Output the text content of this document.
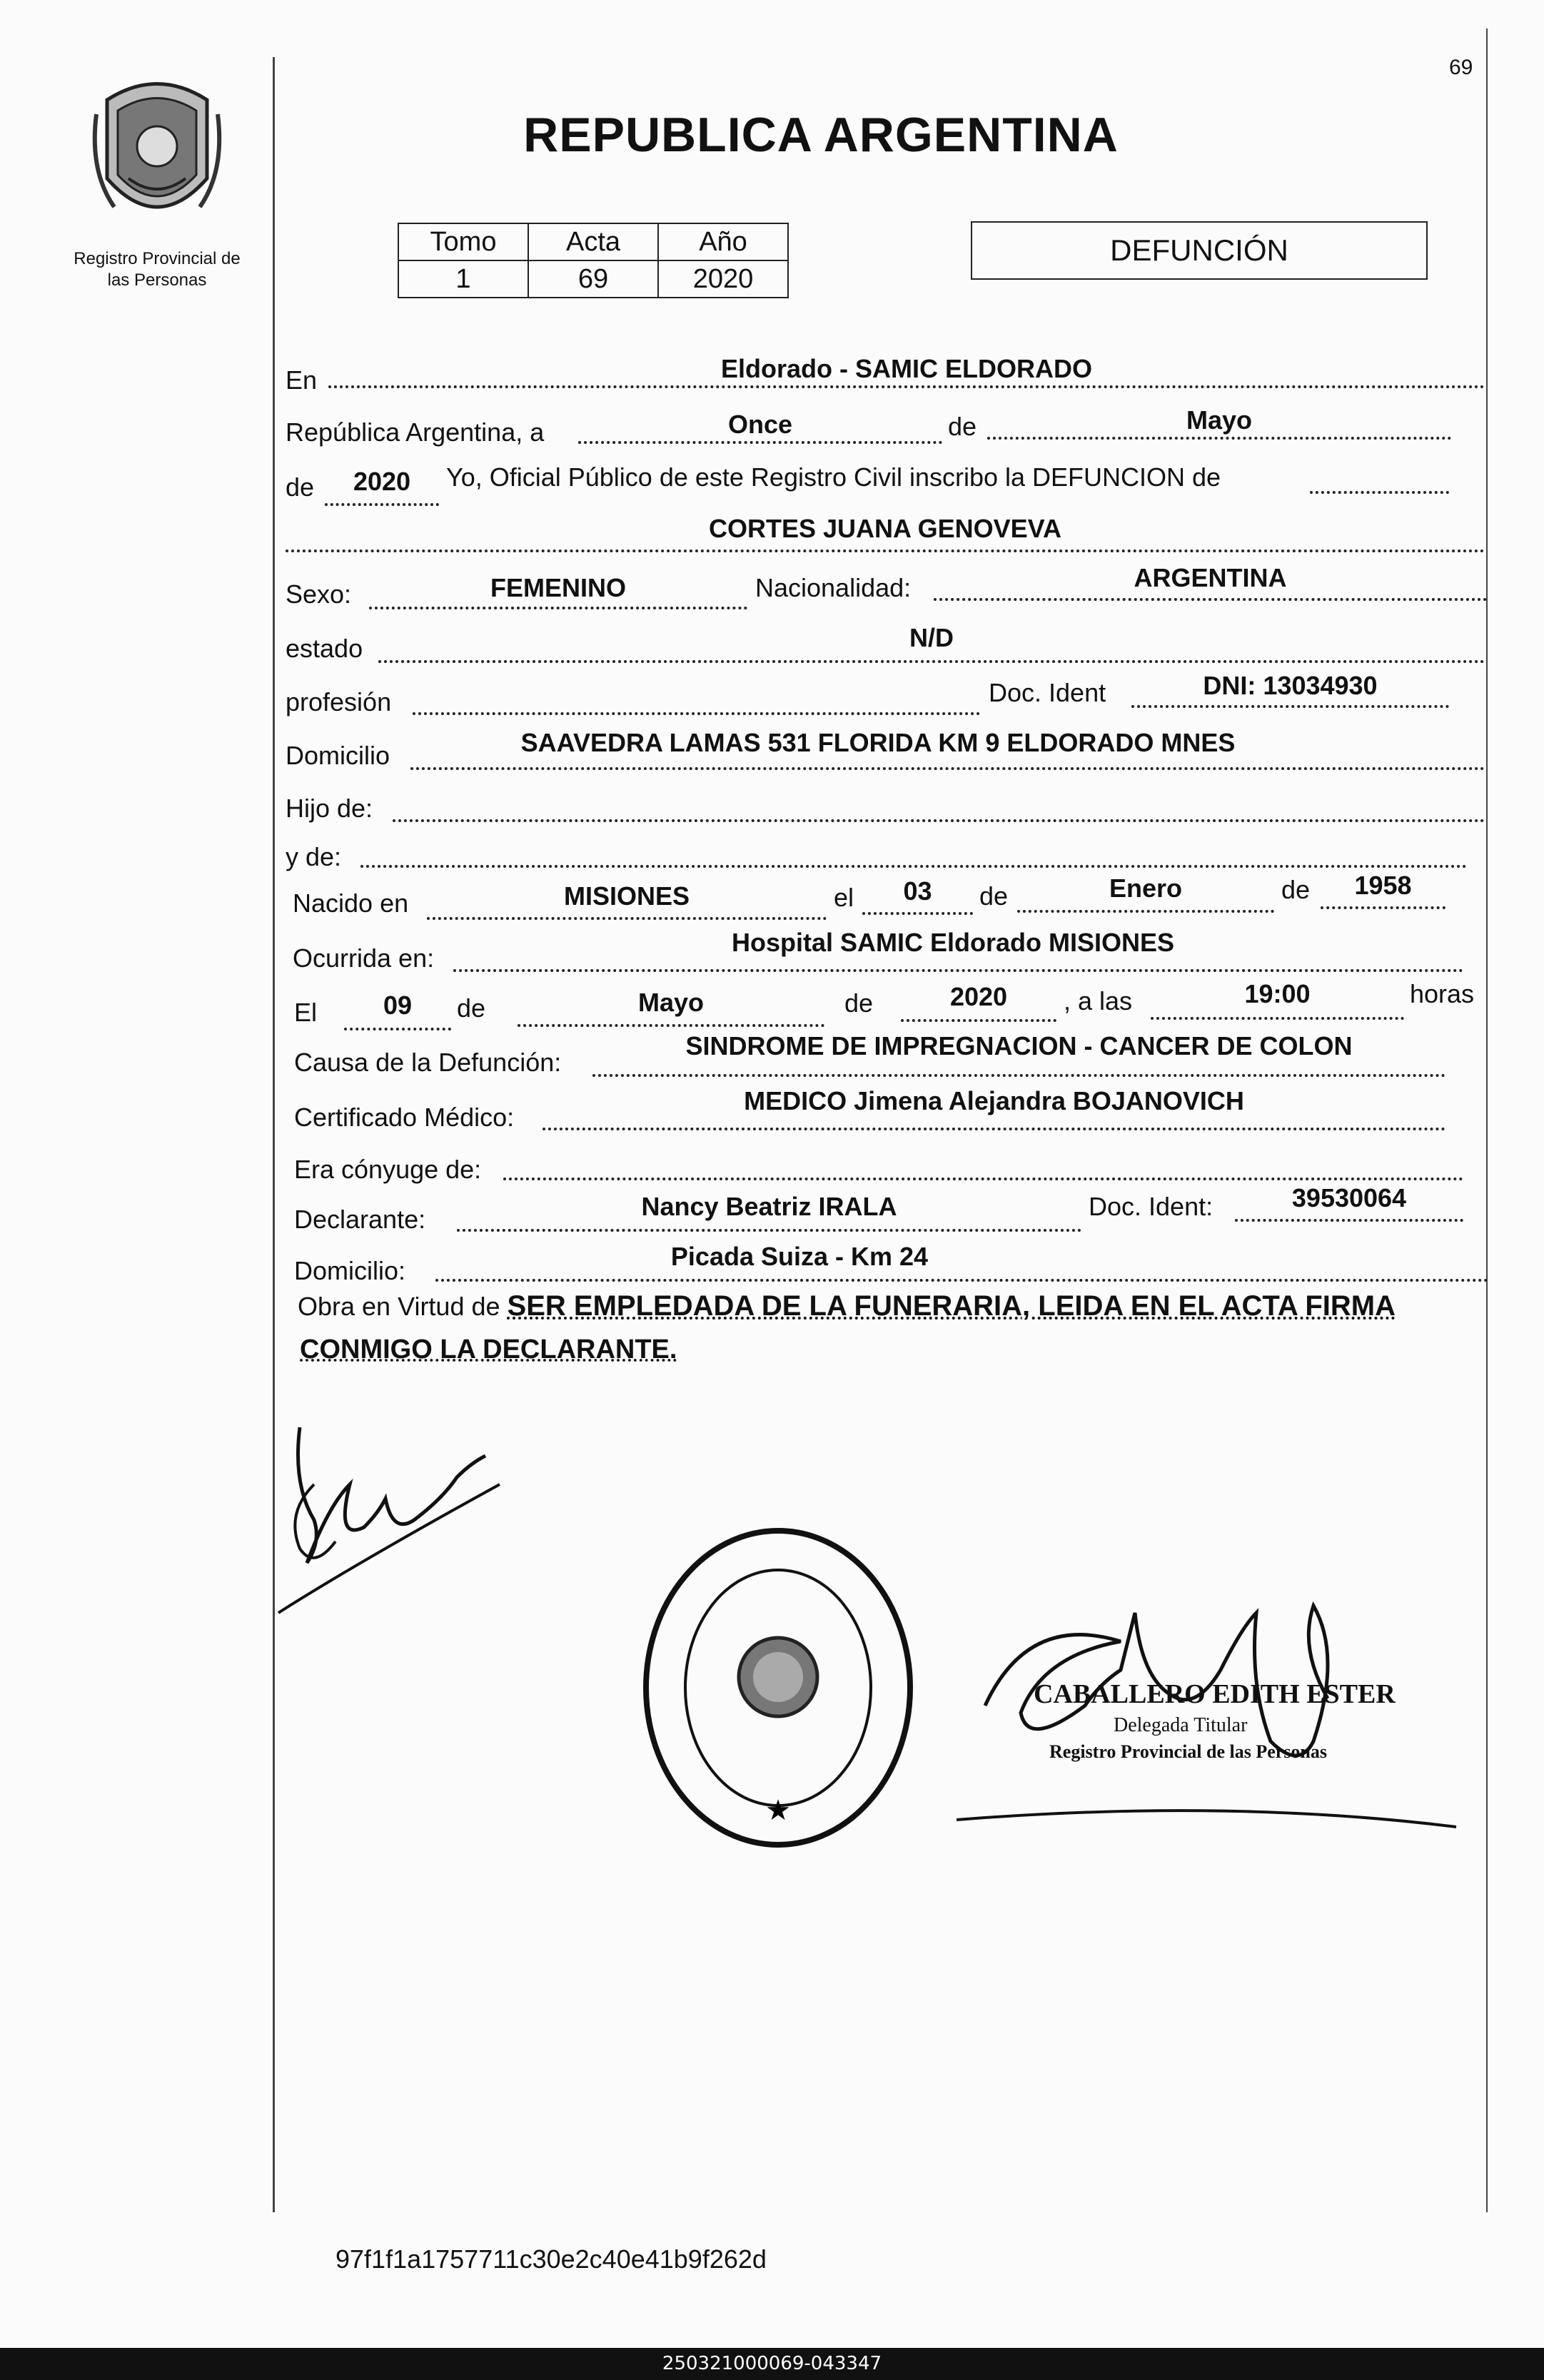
69
Registro Provincial de
las Personas
REPUBLICA ARGENTINA
Tomo	Acta	Año
1	69	2020
DEFUNCIÓN
En	Eldorado - SAMIC ELDORADO
República Argentina, a	Once	de	Mayo
de	2020	Yo, Oficial Público de este Registro Civil inscribo la DEFUNCION de
CORTES JUANA GENOVEVA
Sexo:	FEMENINO	Nacionalidad:	ARGENTINA
estado	N/D
profesión	Doc. Ident	DNI: 13034930
Domicilio	SAAVEDRA LAMAS 531 FLORIDA KM 9 ELDORADO MNES
Hijo de:
y de:
Nacido en	MISIONES	el	03	de	Enero	de	1958
Ocurrida en:
Hospital SAMIC Eldorado MISIONES
El	09	de	Mayo	de	2020	, a las	19:00	horas
Causa de la Defunción:
SINDROME DE IMPREGNACION - CANCER DE COLON
Certificado Médico:
MEDICO Jimena Alejandra BOJANOVICH
Era cónyuge de:
Declarante:	Nancy Beatriz IRALA	Doc. Ident:	39530064
Domicilio:	Picada Suiza - Km 24
Obra en Virtud de SER EMPLEDADA DE LA FUNERARIA, LEIDA EN EL ACTA FIRMA
CONMIGO LA DECLARANTE.
★
CABALLERO EDITH ESTER
Delegada Titular
Registro Provincial de las Personas
97f1f1a1757711c30e2c40e41b9f262d
250321000069-043347
